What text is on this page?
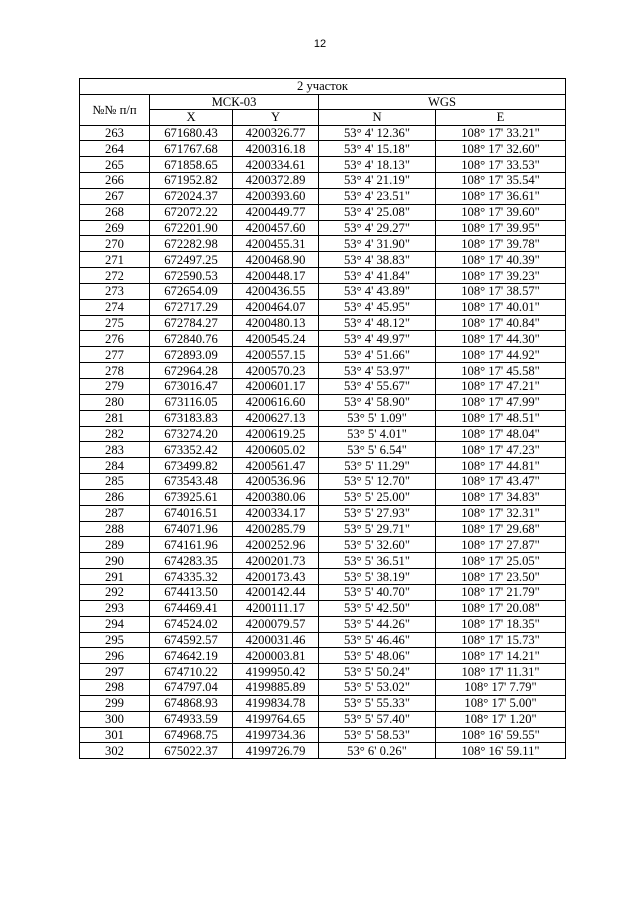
12
2 участок				
№№ п/п	МСК-03		WGS	
	X	Y	N	E
263	671680.43	4200326.77	53° 4' 12.36"	108° 17' 33.21"
264	671767.68	4200316.18	53° 4' 15.18"	108° 17' 32.60"
265	671858.65	4200334.61	53° 4' 18.13"	108° 17' 33.53"
266	671952.82	4200372.89	53° 4' 21.19"	108° 17' 35.54"
267	672024.37	4200393.60	53° 4' 23.51"	108° 17' 36.61"
268	672072.22	4200449.77	53° 4' 25.08"	108° 17' 39.60"
269	672201.90	4200457.60	53° 4' 29.27"	108° 17' 39.95"
270	672282.98	4200455.31	53° 4' 31.90"	108° 17' 39.78"
271	672497.25	4200468.90	53° 4' 38.83"	108° 17' 40.39"
272	672590.53	4200448.17	53° 4' 41.84"	108° 17' 39.23"
273	672654.09	4200436.55	53° 4' 43.89"	108° 17' 38.57"
274	672717.29	4200464.07	53° 4' 45.95"	108° 17' 40.01"
275	672784.27	4200480.13	53° 4' 48.12"	108° 17' 40.84"
276	672840.76	4200545.24	53° 4' 49.97"	108° 17' 44.30"
277	672893.09	4200557.15	53° 4' 51.66"	108° 17' 44.92"
278	672964.28	4200570.23	53° 4' 53.97"	108° 17' 45.58"
279	673016.47	4200601.17	53° 4' 55.67"	108° 17' 47.21"
280	673116.05	4200616.60	53° 4' 58.90"	108° 17' 47.99"
281	673183.83	4200627.13	53° 5' 1.09"	108° 17' 48.51"
282	673274.20	4200619.25	53° 5' 4.01"	108° 17' 48.04"
283	673352.42	4200605.02	53° 5' 6.54"	108° 17' 47.23"
284	673499.82	4200561.47	53° 5' 11.29"	108° 17' 44.81"
285	673543.48	4200536.96	53° 5' 12.70"	108° 17' 43.47"
286	673925.61	4200380.06	53° 5' 25.00"	108° 17' 34.83"
287	674016.51	4200334.17	53° 5' 27.93"	108° 17' 32.31"
288	674071.96	4200285.79	53° 5' 29.71"	108° 17' 29.68"
289	674161.96	4200252.96	53° 5' 32.60"	108° 17' 27.87"
290	674283.35	4200201.73	53° 5' 36.51"	108° 17' 25.05"
291	674335.32	4200173.43	53° 5' 38.19"	108° 17' 23.50"
292	674413.50	4200142.44	53° 5' 40.70"	108° 17' 21.79"
293	674469.41	4200111.17	53° 5' 42.50"	108° 17' 20.08"
294	674524.02	4200079.57	53° 5' 44.26"	108° 17' 18.35"
295	674592.57	4200031.46	53° 5' 46.46"	108° 17' 15.73"
296	674642.19	4200003.81	53° 5' 48.06"	108° 17' 14.21"
297	674710.22	4199950.42	53° 5' 50.24"	108° 17' 11.31"
298	674797.04	4199885.89	53° 5' 53.02"	108° 17' 7.79"
299	674868.93	4199834.78	53° 5' 55.33"	108° 17' 5.00"
300	674933.59	4199764.65	53° 5' 57.40"	108° 17' 1.20"
301	674968.75	4199734.36	53° 5' 58.53"	108° 16' 59.55"
302	675022.37	4199726.79	53° 6' 0.26"	108° 16' 59.11"
